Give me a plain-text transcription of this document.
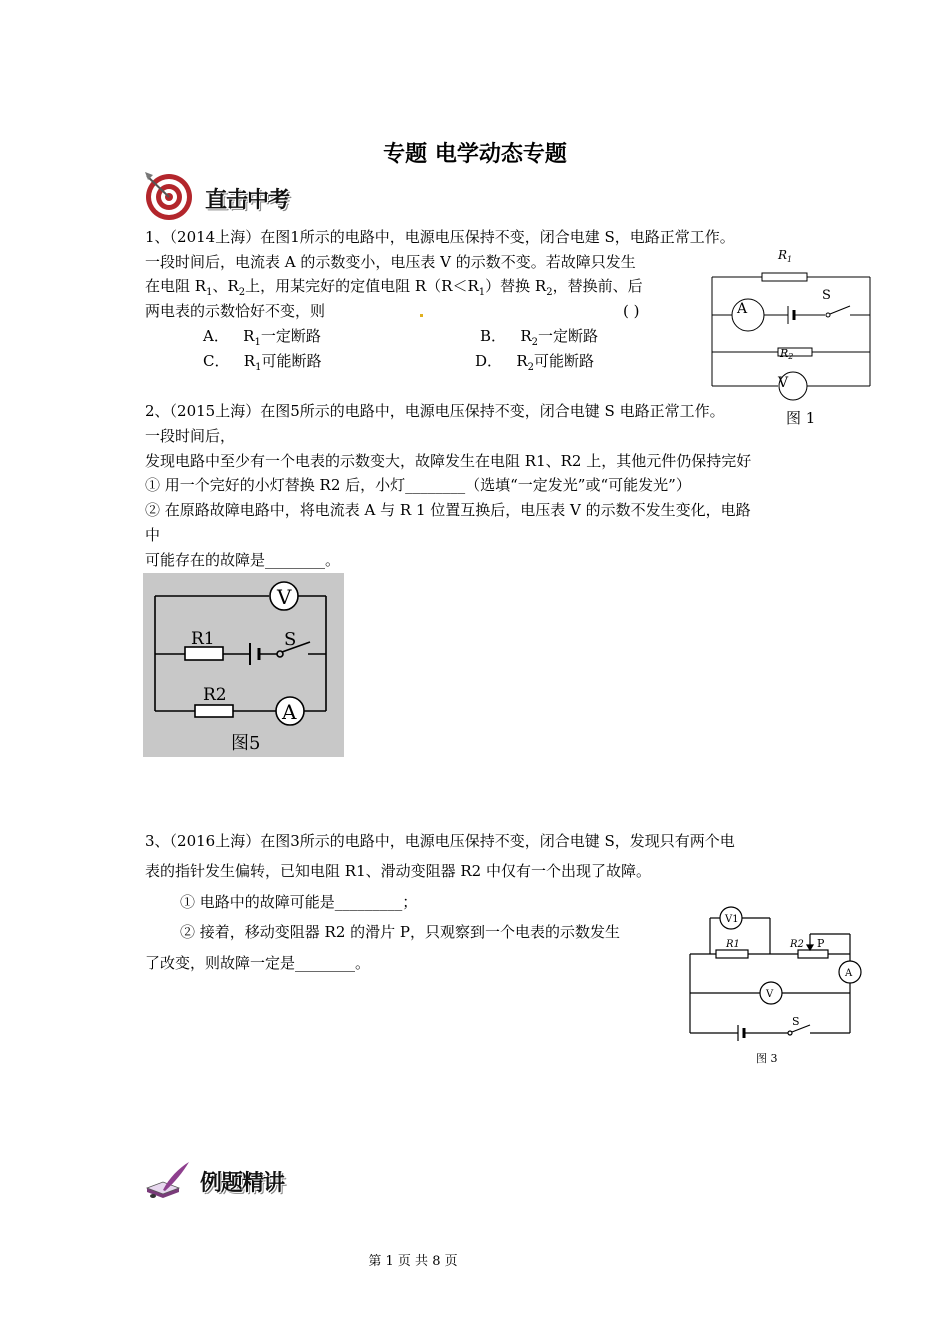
专题 电学动态专题
直击中考
1、（2014上海）在图1所示的电路中，电源电压保持不变，闭合电建 S，电路正常工作。
一段时间后，电流表 A 的示数变小，电压表 V 的示数不变。若故障只发生
在电阻 $R_1$、$R_2$上，用某完好的定值电阻 $R(R<R_1)$替换 $R_2$，替换前、后
两电表的示数恰好不变，则	( )
A． $R_1$一定断路	B． $R_2$一定断路
C． $R_1$可能断路	D． $R_2$可能断路
$R_1$
S
A
R2
V
图 1
2、（2015上海）在图5所示的电路中，电源电压保持不变，闭合电键 S 电路正常工作。
一段时间后，
发现电路中至少有一个电表的示数变大，故障发生在电阻 R1、R2 上，其他元件仍保持完好
① 用一个完好的小灯替换 R2 后，小灯________（选填“一定发光”或“可能发光”）
② 在原路故障电路中，将电流表 A 与 R 1 位置互换后，电压表 V 的示数不发生变化，电路
中
可能存在的故障是________。
V
R1	S
R2
A
图5
3、（2016上海）在图3所示的电路中，电源电压保持不变，闭合电键 S，发现只有两个电
表的指针发生偏转，已知电阻 R1、滑动变阻器 R2 中仅有一个出现了故障。
① 电路中的故障可能是_________；
② 接着，移动变阻器 R2 的滑片 P，只观察到一个电表的示数发生
了改变，则故障一定是________。
V1
R1	R2 P
A
V
S
图 3
例题精讲
第 1 页 共 8 页
